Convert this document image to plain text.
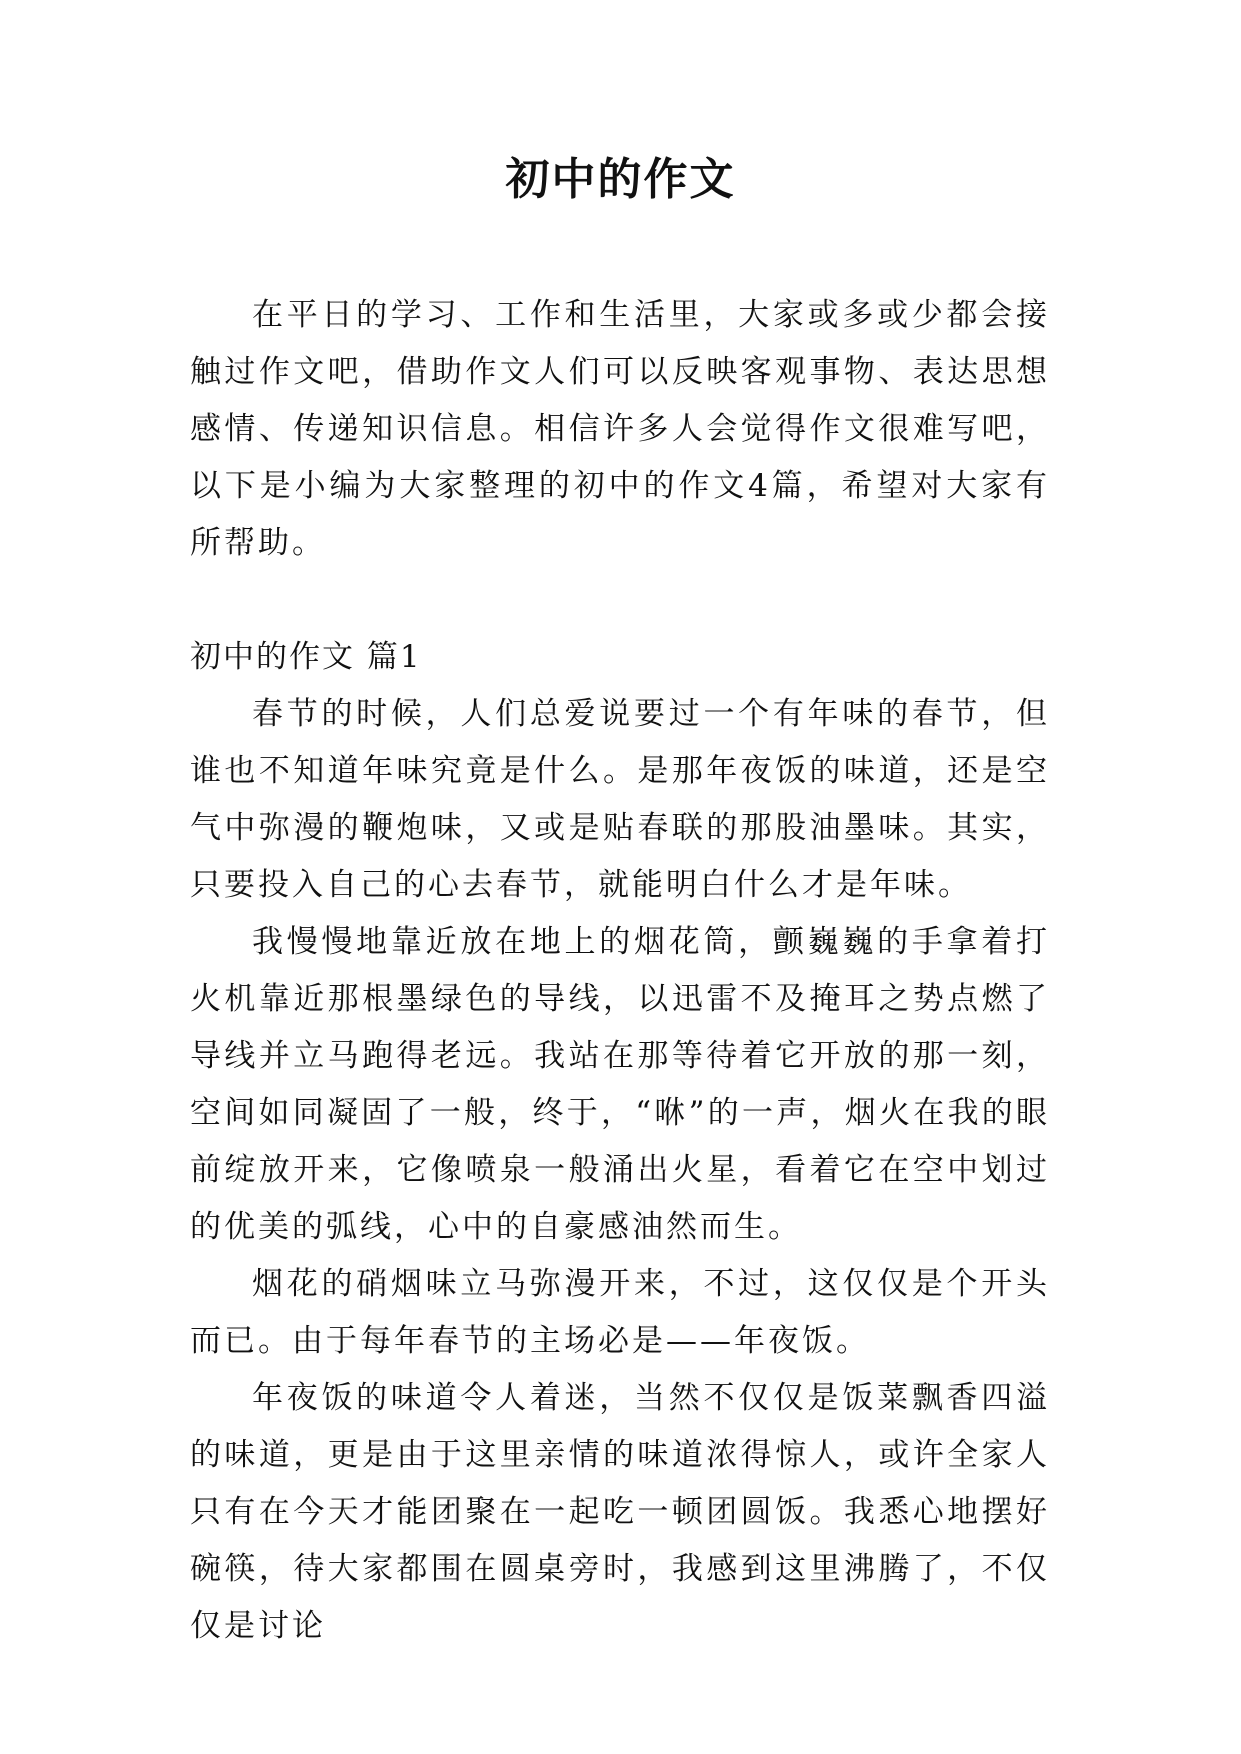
初中的作文

在平日的学习、工作和生活里，大家或多或少都会接触过作文吧，借助作文人们可以反映客观事物、表达思想感情、传递知识信息。相信许多人会觉得作文很难写吧，以下是小编为大家整理的初中的作文4篇，希望对大家有所帮助。

初中的作文 篇1

春节的时候，人们总爱说要过一个有年味的春节，但谁也不知道年味究竟是什么。是那年夜饭的味道，还是空气中弥漫的鞭炮味，又或是贴春联的那股油墨味。其实，只要投入自己的心去春节，就能明白什么才是年味。

我慢慢地靠近放在地上的烟花筒，颤巍巍的手拿着打火机靠近那根墨绿色的导线，以迅雷不及掩耳之势点燃了导线并立马跑得老远。我站在那等待着它开放的那一刻，空间如同凝固了一般，终于，“咻”的一声，烟火在我的眼前绽放开来，它像喷泉一般涌出火星，看着它在空中划过的优美的弧线，心中的自豪感油然而生。

烟花的硝烟味立马弥漫开来，不过，这仅仅是个开头而已。由于每年春节的主场必是——年夜饭。

年夜饭的味道令人着迷，当然不仅仅是饭菜飘香四溢的味道，更是由于这里亲情的味道浓得惊人，或许全家人只有在今天才能团聚在一起吃一顿团圆饭。我悉心地摆好碗筷，待大家都围在圆桌旁时，我感到这里沸腾了，不仅仅是讨论
